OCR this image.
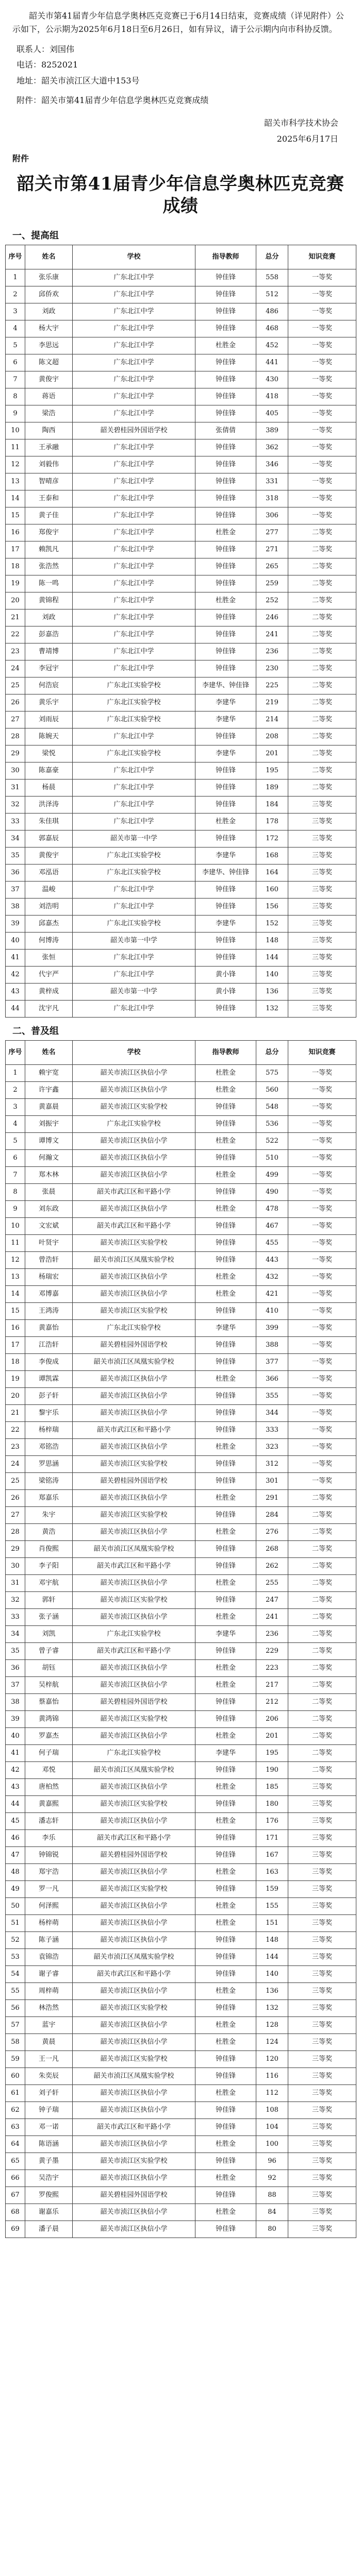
韶关市第41届青少年信息学奥林匹克竞赛已于6月14日结束，竞赛成绩（详见附件）公示如下，公示期为2025年6月18日至6月26日，如有异议，请于公示期内向市科协反馈。

联系人：刘国伟
电话：8252021
地址：韶关市浈江区大道中153号
附件：韶关市第41届青少年信息学奥林匹克竞赛成绩
韶关市科学技术协会
2025年6月17日
附件
韶关市第41届青少年信息学奥林匹克竞赛成绩
一、提高组
序号	姓名	学校	指导教师	总分	知识竞赛
1	张乐康	广东北江中学	钟佳锋	558	一等奖
2	邱侨欢	广东北江中学	钟佳锋	512	一等奖
3	刘政	广东北江中学	钟佳锋	486	一等奖
4	杨大宇	广东北江中学	钟佳锋	468	一等奖
5	李思远	广东北江中学	杜胜金	452	一等奖
6	陈文超	广东北江中学	钟佳锋	441	一等奖
7	黄俊宇	广东北江中学	钟佳锋	430	一等奖
8	蒋语	广东北江中学	钟佳锋	418	一等奖
9	梁浩	广东北江中学	钟佳锋	405	一等奖
10	陶西	韶关碧桂园外国语学校	张倩倩	389	一等奖
11	王承融	广东北江中学	钟佳锋	362	一等奖
12	刘毅伟	广东北江中学	钟佳锋	346	一等奖
13	智晴彦	广东北江中学	钟佳锋	331	一等奖
14	王泰和	广东北江中学	钟佳锋	318	一等奖
15	黄子佳	广东北江中学	钟佳锋	306	一等奖
16	郑俊宇	广东北江中学	杜胜金	277	二等奖
17	赖凯凡	广东北江中学	钟佳锋	271	二等奖
18	张浩然	广东北江中学	钟佳锋	265	二等奖
19	陈一鸣	广东北江中学	钟佳锋	259	二等奖
20	黄锦程	广东北江中学	杜胜金	252	二等奖
21	刘政	广东北江中学	钟佳锋	246	二等奖
22	彭嘉浩	广东北江中学	钟佳锋	241	二等奖
23	曹靖博	广东北江中学	钟佳锋	236	二等奖
24	李冠宇	广东北江中学	钟佳锋	230	二等奖
25	何浩宸	广东北江实验学校	李建华、钟佳锋	225	二等奖
26	黄乐宇	广东北江实验学校	李建华	219	二等奖
27	刘雨辰	广东北江实验学校	李建华	214	二等奖
28	陈婉天	广东北江中学	钟佳锋	208	二等奖
29	梁悦	广东北江实验学校	李建华	201	二等奖
30	陈嘉豪	广东北江中学	钟佳锋	195	二等奖
31	杨晨	广东北江中学	钟佳锋	189	二等奖
32	洪泽涛	广东北江中学	钟佳锋	184	三等奖
33	朱佳琪	广东北江中学	杜胜金	178	三等奖
34	郭嘉辰	韶关市第一中学	钟佳锋	172	三等奖
35	黄俊宇	广东北江实验学校	李建华	168	三等奖
36	邓泓语	广东北江实验学校	李建华、钟佳锋	164	三等奖
37	温峻	广东北江中学	钟佳锋	160	三等奖
38	刘浩明	广东北江中学	钟佳锋	156	三等奖
39	邱嘉杰	广东北江实验学校	李建华	152	三等奖
40	何博涛	韶关市第一中学	钟佳锋	148	三等奖
41	张恒	广东北江中学	钟佳锋	144	三等奖
42	代宇严	广东北江中学	黄小锋	140	三等奖
43	黄梓成	韶关市第一中学	黄小锋	136	三等奖
44	沈宇凡	广东北江中学	钟佳锋	132	三等奖
二、普及组
序号	姓名	学校	指导教师	总分	知识竞赛
1	赖宇宽	韶关市浈江区执信小学	杜胜金	575	一等奖
2	许宇鑫	韶关市浈江区执信小学	杜胜金	560	一等奖
3	黄嘉晨	韶关市浈江区实验学校	钟佳锋	548	一等奖
4	刘振宇	广东北江实验学校	钟佳锋	536	一等奖
5	谭博文	韶关市浈江区执信小学	杜胜金	522	一等奖
6	何瀚文	韶关市浈江区执信小学	钟佳锋	510	一等奖
7	郑木林	韶关市浈江区执信小学	杜胜金	499	一等奖
8	张晨	韶关市武江区和平路小学	钟佳锋	490	一等奖
9	刘东政	韶关市浈江区执信小学	杜胜金	478	一等奖
10	文宏斌	韶关市武江区和平路小学	钟佳锋	467	一等奖
11	叶贤宇	韶关市浈江区实验学校	钟佳锋	455	一等奖
12	曾浩轩	韶关市浈江区凤凰实验学校	钟佳锋	443	一等奖
13	杨瑞宏	韶关市浈江区执信小学	杜胜金	432	一等奖
14	邓博嘉	韶关市浈江区执信小学	杜胜金	421	一等奖
15	王鸿涛	韶关市浈江区实验学校	钟佳锋	410	一等奖
16	黄嘉怡	广东北江实验学校	李建华	399	一等奖
17	江浩轩	韶关碧桂园外国语学校	钟佳锋	388	一等奖
18	李俊成	韶关市浈江区凤凰实验学校	钟佳锋	377	一等奖
19	谭凯霖	韶关市浈江区执信小学	杜胜金	366	一等奖
20	彭子轩	韶关市浈江区执信小学	钟佳锋	355	一等奖
21	黎宇乐	韶关市浈江区执信小学	钟佳锋	344	一等奖
22	杨梓瑞	韶关市武江区和平路小学	钟佳锋	333	一等奖
23	邓铭浩	韶关市浈江区执信小学	杜胜金	323	一等奖
24	罗思涵	韶关市浈江区实验学校	钟佳锋	312	一等奖
25	梁铭涛	韶关碧桂园外国语学校	钟佳锋	301	一等奖
26	郑嘉乐	韶关市浈江区执信小学	杜胜金	291	二等奖
27	朱宇	韶关市浈江区实验学校	钟佳锋	284	二等奖
28	黄浩	韶关市浈江区执信小学	杜胜金	276	二等奖
29	肖俊熙	韶关市浈江区凤凰实验学校	钟佳锋	268	二等奖
30	李子阳	韶关市武江区和平路小学	钟佳锋	262	二等奖
31	邓宇航	韶关市浈江区执信小学	杜胜金	255	二等奖
32	郭轩	韶关市浈江区实验学校	钟佳锋	247	二等奖
33	张子涵	韶关市浈江区执信小学	杜胜金	241	二等奖
34	刘凯	广东北江实验学校	李建华	236	二等奖
35	曾子睿	韶关市武江区和平路小学	钟佳锋	229	二等奖
36	胡钰	韶关市浈江区执信小学	杜胜金	223	二等奖
37	吴梓航	韶关市浈江区执信小学	杜胜金	217	二等奖
38	蔡嘉怡	韶关碧桂园外国语学校	钟佳锋	212	二等奖
39	黄鸿锦	韶关市浈江区实验学校	钟佳锋	206	二等奖
40	罗嘉杰	韶关市浈江区执信小学	杜胜金	201	二等奖
41	何子瑞	广东北江实验学校	李建华	195	二等奖
42	邓悦	韶关市浈江区凤凰实验学校	钟佳锋	190	二等奖
43	唐柏然	韶关市浈江区执信小学	杜胜金	185	三等奖
44	黄嘉熙	韶关市浈江区实验学校	钟佳锋	180	三等奖
45	潘志轩	韶关市浈江区执信小学	杜胜金	176	三等奖
46	李乐	韶关市武江区和平路小学	钟佳锋	171	三等奖
47	钟锦锐	韶关碧桂园外国语学校	钟佳锋	167	三等奖
48	郑宇浩	韶关市浈江区执信小学	杜胜金	163	三等奖
49	罗一凡	韶关市浈江区实验学校	钟佳锋	159	三等奖
50	何泽熙	韶关市浈江区执信小学	杜胜金	155	三等奖
51	杨梓萌	韶关市浈江区执信小学	杜胜金	151	三等奖
52	陈子涵	韶关市浈江区执信小学	钟佳锋	148	三等奖
53	袁锦浩	韶关市浈江区凤凰实验学校	钟佳锋	144	三等奖
54	谢子睿	韶关市武江区和平路小学	钟佳锋	140	三等奖
55	周梓萌	韶关市浈江区执信小学	杜胜金	136	三等奖
56	林浩然	韶关市浈江区实验学校	钟佳锋	132	三等奖
57	蓝宇	韶关市浈江区执信小学	杜胜金	128	三等奖
58	黄晨	韶关市浈江区执信小学	杜胜金	124	三等奖
59	王一凡	韶关市浈江区实验学校	钟佳锋	120	三等奖
60	朱奕辰	韶关市浈江区凤凰实验学校	钟佳锋	116	三等奖
61	刘子轩	韶关市浈江区执信小学	杜胜金	112	三等奖
62	钟子瑞	韶关市浈江区执信小学	钟佳锋	108	三等奖
63	邓一诺	韶关市武江区和平路小学	钟佳锋	104	三等奖
64	陈语涵	韶关市浈江区执信小学	杜胜金	100	三等奖
65	黄子墨	韶关市浈江区实验学校	钟佳锋	96	三等奖
66	吴浩宇	韶关市浈江区执信小学	杜胜金	92	三等奖
67	罗俊熙	韶关碧桂园外国语学校	钟佳锋	88	三等奖
68	谢嘉乐	韶关市浈江区执信小学	杜胜金	84	三等奖
69	潘子晨	韶关市浈江区执信小学	钟佳锋	80	三等奖
